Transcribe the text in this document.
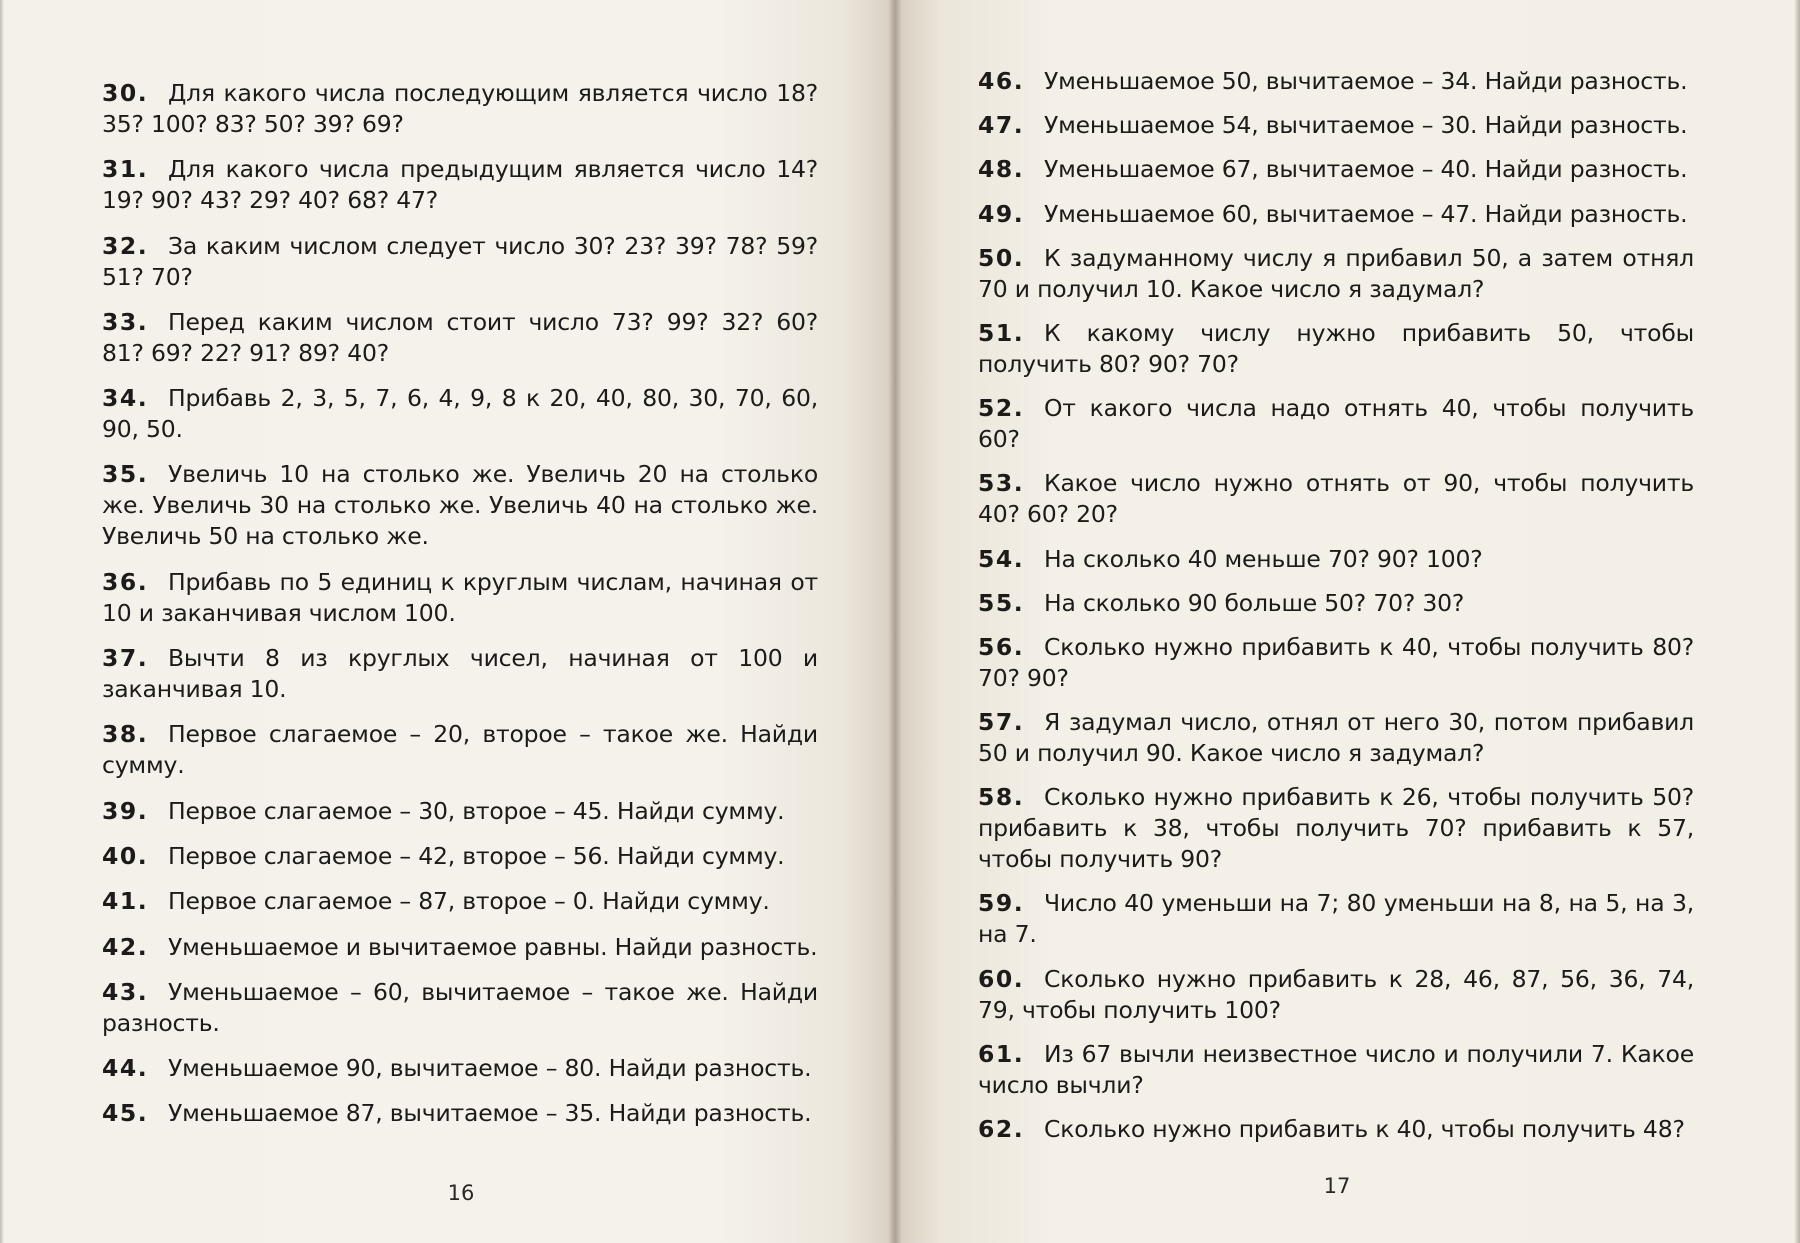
30. Для какого числа последующим является число 18? 35? 100? 83? 50? 39? 69?
31. Для какого числа предыдущим является число 14? 19? 90? 43? 29? 40? 68? 47?
32. За каким числом следует число 30? 23? 39? 78? 59? 51? 70?
33. Перед каким числом стоит число 73? 99? 32? 60? 81? 69? 22? 91? 89? 40?
34. Прибавь 2, 3, 5, 7, 6, 4, 9, 8 к 20, 40, 80, 30, 70, 60, 90, 50.
35. Увеличь 10 на столько же. Увеличь 20 на столько же. Увеличь 30 на столько же. Увеличь 40 на столько же. Увеличь 50 на столько же.
36. Прибавь по 5 единиц к круглым числам, начиная от 10 и заканчивая числом 100.
37. Вычти 8 из круглых чисел, начиная от 100 и заканчивая 10.
38. Первое слагаемое – 20, второе – такое же. Найди сумму.
39. Первое слагаемое – 30, второе – 45. Найди сумму.
40. Первое слагаемое – 42, второе – 56. Найди сумму.
41. Первое слагаемое – 87, второе – 0. Найди сумму.
42. Уменьшаемое и вычитаемое равны. Найди разность.
43. Уменьшаемое – 60, вычитаемое – такое же. Найди разность.
44. Уменьшаемое 90, вычитаемое – 80. Найди разность.
45. Уменьшаемое 87, вычитаемое – 35. Найди разность.
16
46. Уменьшаемое 50, вычитаемое – 34. Найди разность.
47. Уменьшаемое 54, вычитаемое – 30. Найди разность.
48. Уменьшаемое 67, вычитаемое – 40. Найди разность.
49. Уменьшаемое 60, вычитаемое – 47. Найди разность.
50. К задуманному числу я прибавил 50, а затем отнял 70 и получил 10. Какое число я задумал?
51. К какому числу нужно прибавить 50, чтобы получить 80? 90? 70?
52. От какого числа надо отнять 40, чтобы получить 60?
53. Какое число нужно отнять от 90, чтобы получить 40? 60? 20?
54. На сколько 40 меньше 70? 90? 100?
55. На сколько 90 больше 50? 70? 30?
56. Сколько нужно прибавить к 40, чтобы получить 80? 70? 90?
57. Я задумал число, отнял от него 30, потом прибавил 50 и получил 90. Какое число я задумал?
58. Сколько нужно прибавить к 26, чтобы получить 50? прибавить к 38, чтобы получить 70? прибавить к 57, чтобы получить 90?
59. Число 40 уменьши на 7; 80 уменьши на 8, на 5, на 3, на 7.
60. Сколько нужно прибавить к 28, 46, 87, 56, 36, 74, 79, чтобы получить 100?
61. Из 67 вычли неизвестное число и получили 7. Какое число вычли?
62. Сколько нужно прибавить к 40, чтобы получить 48?
17
